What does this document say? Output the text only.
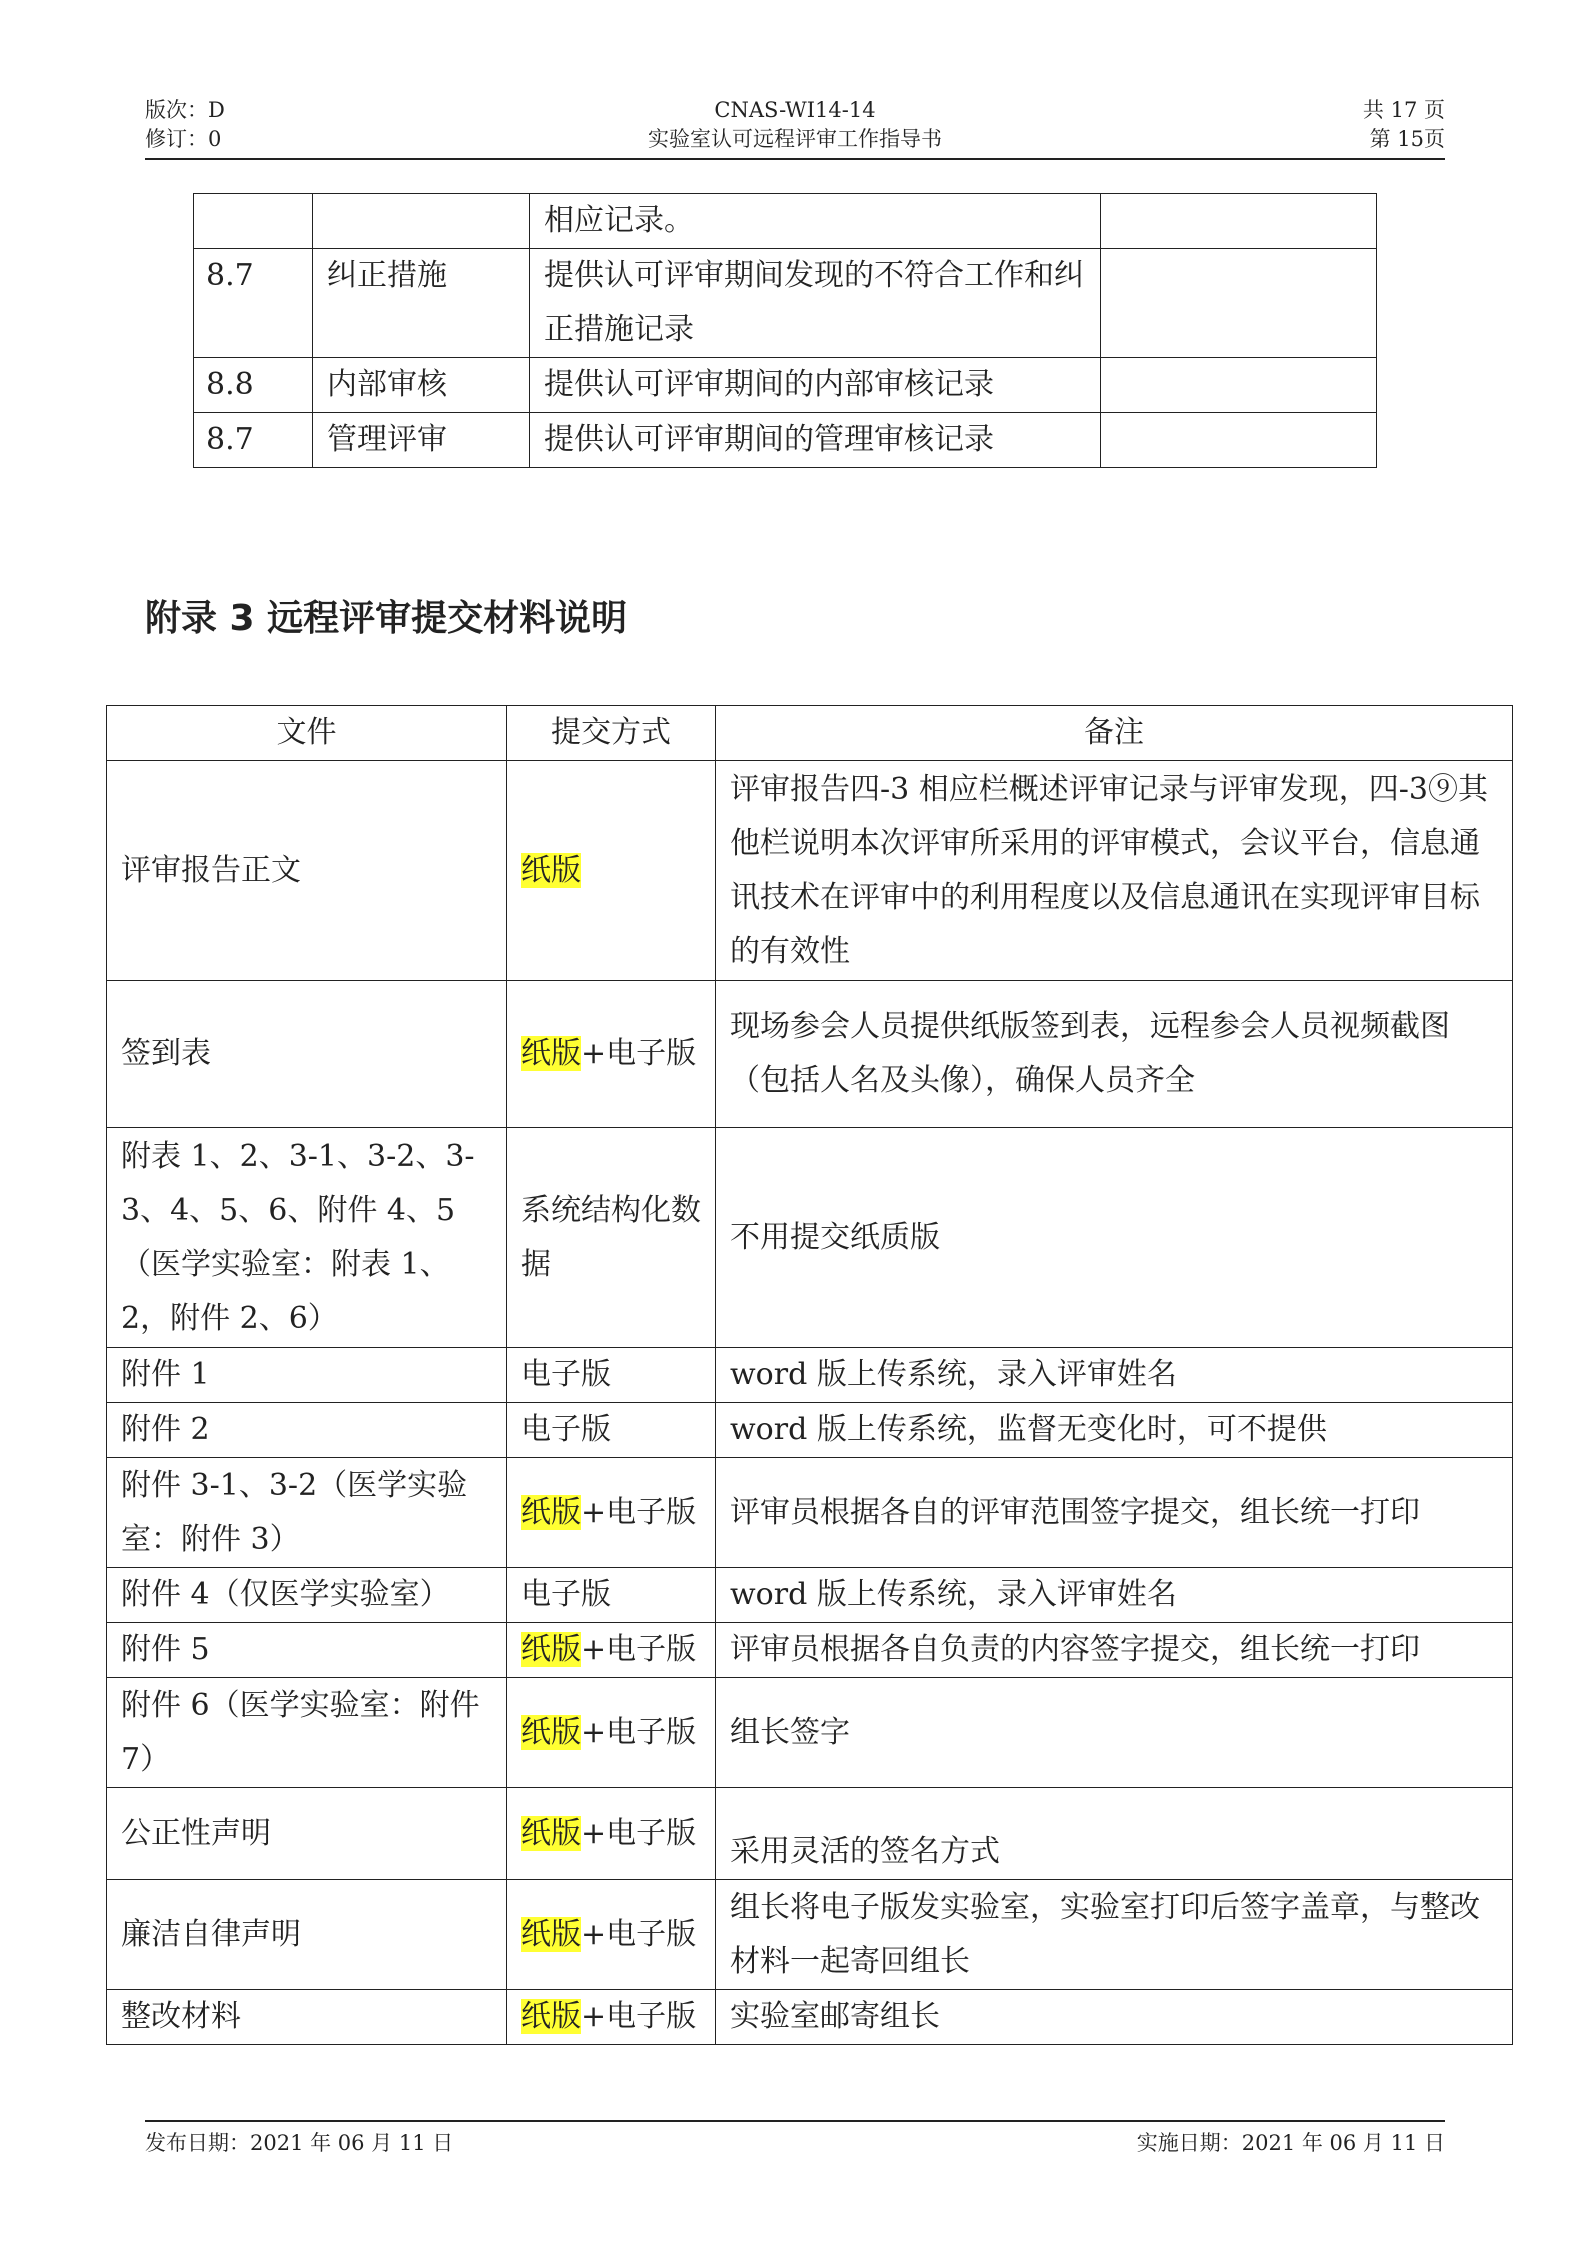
版次：D
修订：0
CNAS-WI14-14
实验室认可远程评审工作指导书
共 17 页
第 15页
		相应记录。	
8.7	纠正措施	提供认可评审期间发现的不符合工作和纠正措施记录	
8.8	内部审核	提供认可评审期间的内部审核记录	
8.7	管理评审	提供认可评审期间的管理审核记录	
附录 3 远程评审提交材料说明
文件	提交方式	备注
评审报告正文	纸版	评审报告四-3 相应栏概述评审记录与评审发现，四-3⑨其他栏说明本次评审所采用的评审模式，会议平台，信息通讯技术在评审中的利用程度以及信息通讯在实现评审目标的有效性
签到表	纸版+电子版	现场参会人员提供纸版签到表，远程参会人员视频截图（包括人名及头像），确保人员齐全
附表 1、2、3-1、3-2、3-3、4、5、6、附件 4、5（医学实验室：附表 1、2，附件 2、6）	系统结构化数据	不用提交纸质版
附件 1	电子版	word 版上传系统，录入评审姓名
附件 2	电子版	word 版上传系统，监督无变化时，可不提供
附件 3-1、3-2（医学实验室：附件 3）	纸版+电子版	评审员根据各自的评审范围签字提交，组长统一打印
附件 4（仅医学实验室）	电子版	word 版上传系统，录入评审姓名
附件 5	纸版+电子版	评审员根据各自负责的内容签字提交，组长统一打印
附件 6（医学实验室：附件 7）	纸版+电子版	组长签字
公正性声明	纸版+电子版	采用灵活的签名方式
廉洁自律声明	纸版+电子版	组长将电子版发实验室，实验室打印后签字盖章，与整改材料一起寄回组长
整改材料	纸版+电子版	实验室邮寄组长
发布日期：2021 年 06 月 11 日	实施日期：2021 年 06 月 11 日
